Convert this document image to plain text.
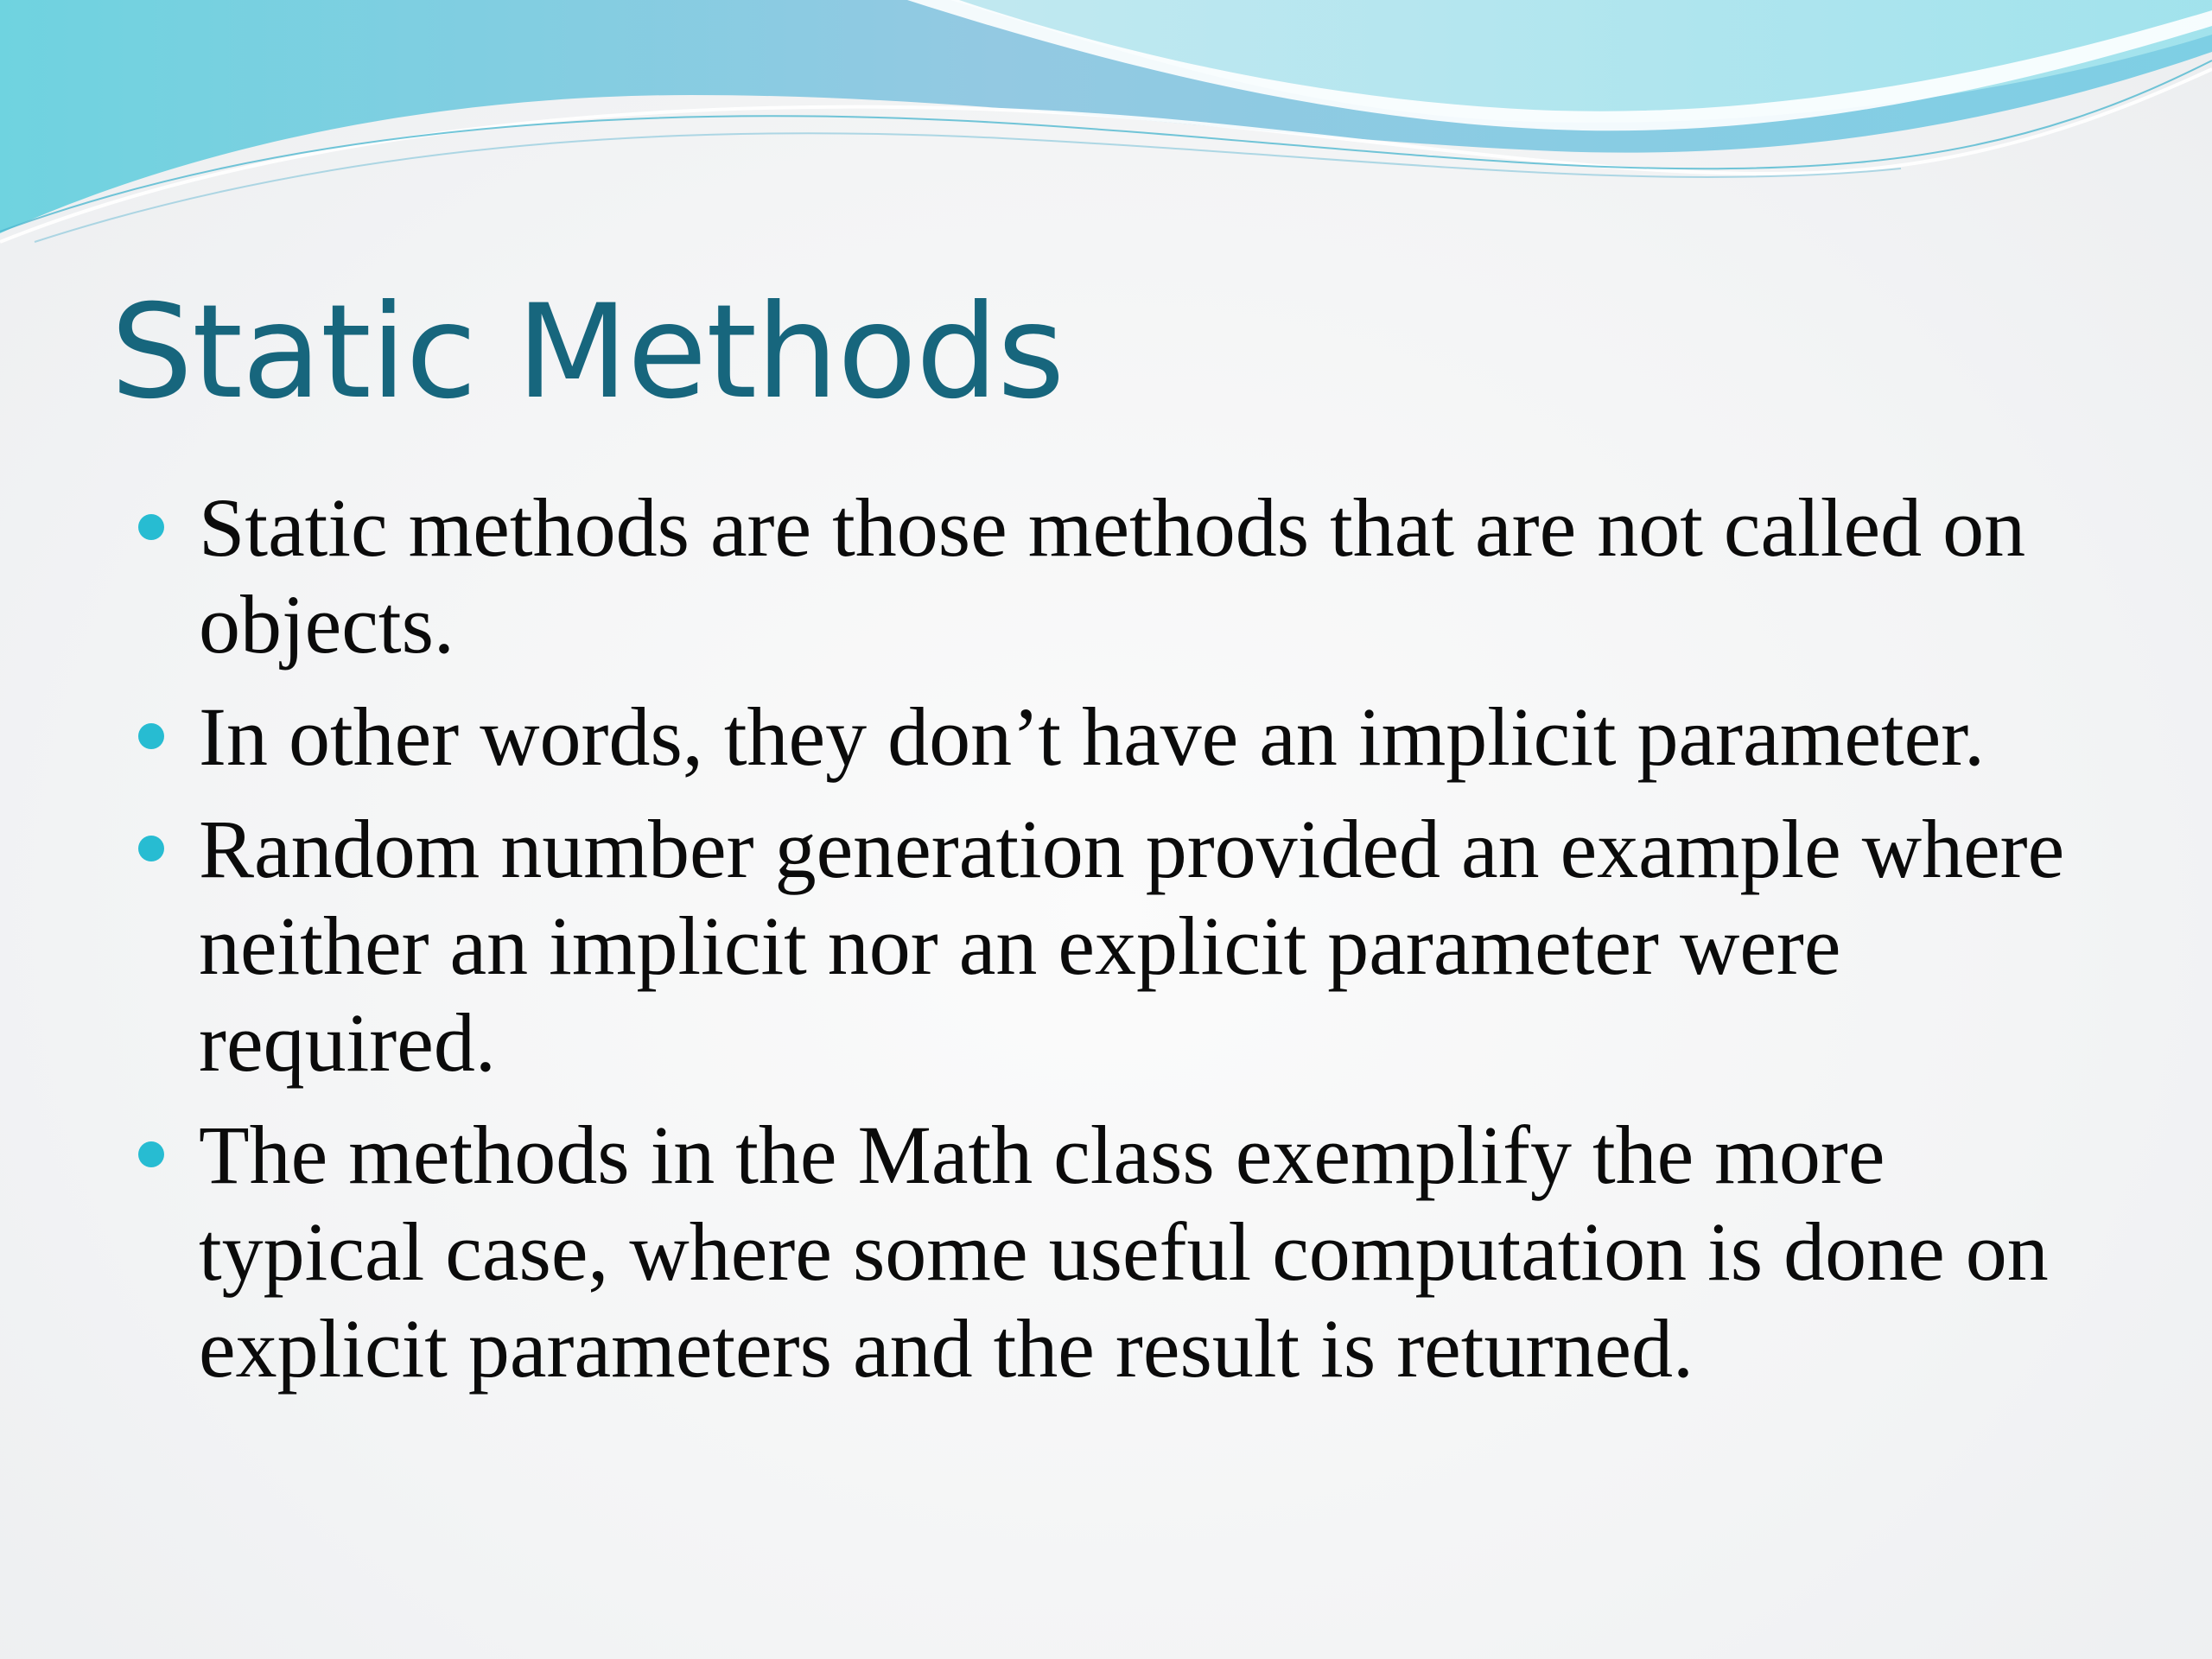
Static Methods
Static methods are those methods that are not called on objects.
In other words, they don’t have an implicit parameter.
Random number generation provided an example where neither an implicit nor an explicit parameter were required.
The methods in the Math class exemplify the more typical case, where some useful computation is done on explicit parameters and the result is returned.
